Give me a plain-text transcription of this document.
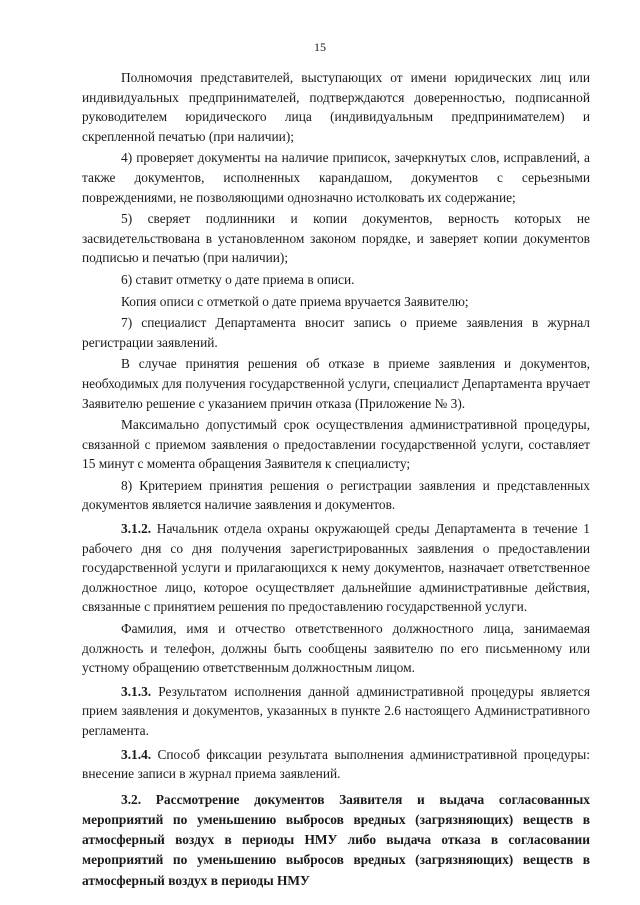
15

Полномочия представителей, выступающих от имени юридических лиц или индивидуальных предпринимателей, подтверждаются доверенностью, подписанной руководителем юридического лица (индивидуальным предпринимателем) и скрепленной печатью (при наличии);

4) проверяет документы на наличие приписок, зачеркнутых слов, исправлений, а также документов, исполненных карандашом, документов с серьезными повреждениями, не позволяющими однозначно истолковать их содержание;

5) сверяет подлинники и копии документов, верность которых не засвидетельствована в установленном законом порядке, и заверяет копии документов подписью и печатью (при наличии);

6) ставит отметку о дате приема в описи.

Копия описи с отметкой о дате приема вручается Заявителю;

7) специалист Департамента вносит запись о приеме заявления в журнал регистрации заявлений.

В случае принятия решения об отказе в приеме заявления и документов, необходимых для получения государственной услуги, специалист Департамента вручает Заявителю решение с указанием причин отказа (Приложение № 3).

Максимально допустимый срок осуществления административной процедуры, связанной с приемом заявления о предоставлении государственной услуги, составляет 15 минут с момента обращения Заявителя к специалисту;

8) Критерием принятия решения о регистрации заявления и представленных документов является наличие заявления и документов.

3.1.2. Начальник отдела охраны окружающей среды Департамента в течение 1 рабочего дня со дня получения зарегистрированных заявления о предоставлении государственной услуги и прилагающихся к нему документов, назначает ответственное должностное лицо, которое осуществляет дальнейшие административные действия, связанные с принятием решения по предоставлению государственной услуги.

Фамилия, имя и отчество ответственного должностного лица, занимаемая должность и телефон, должны быть сообщены заявителю по его письменному или устному обращению ответственным должностным лицом.

3.1.3. Результатом исполнения данной административной процедуры является прием заявления и документов, указанных в пункте 2.6 настоящего Административного регламента.

3.1.4. Способ фиксации результата выполнения административной процедуры: внесение записи в журнал приема заявлений.

3.2. Рассмотрение документов Заявителя и выдача согласованных мероприятий по уменьшению выбросов вредных (загрязняющих) веществ в атмосферный воздух в периоды НМУ либо выдача отказа в согласовании мероприятий по уменьшению выбросов вредных (загрязняющих) веществ в атмосферный воздух в периоды НМУ
